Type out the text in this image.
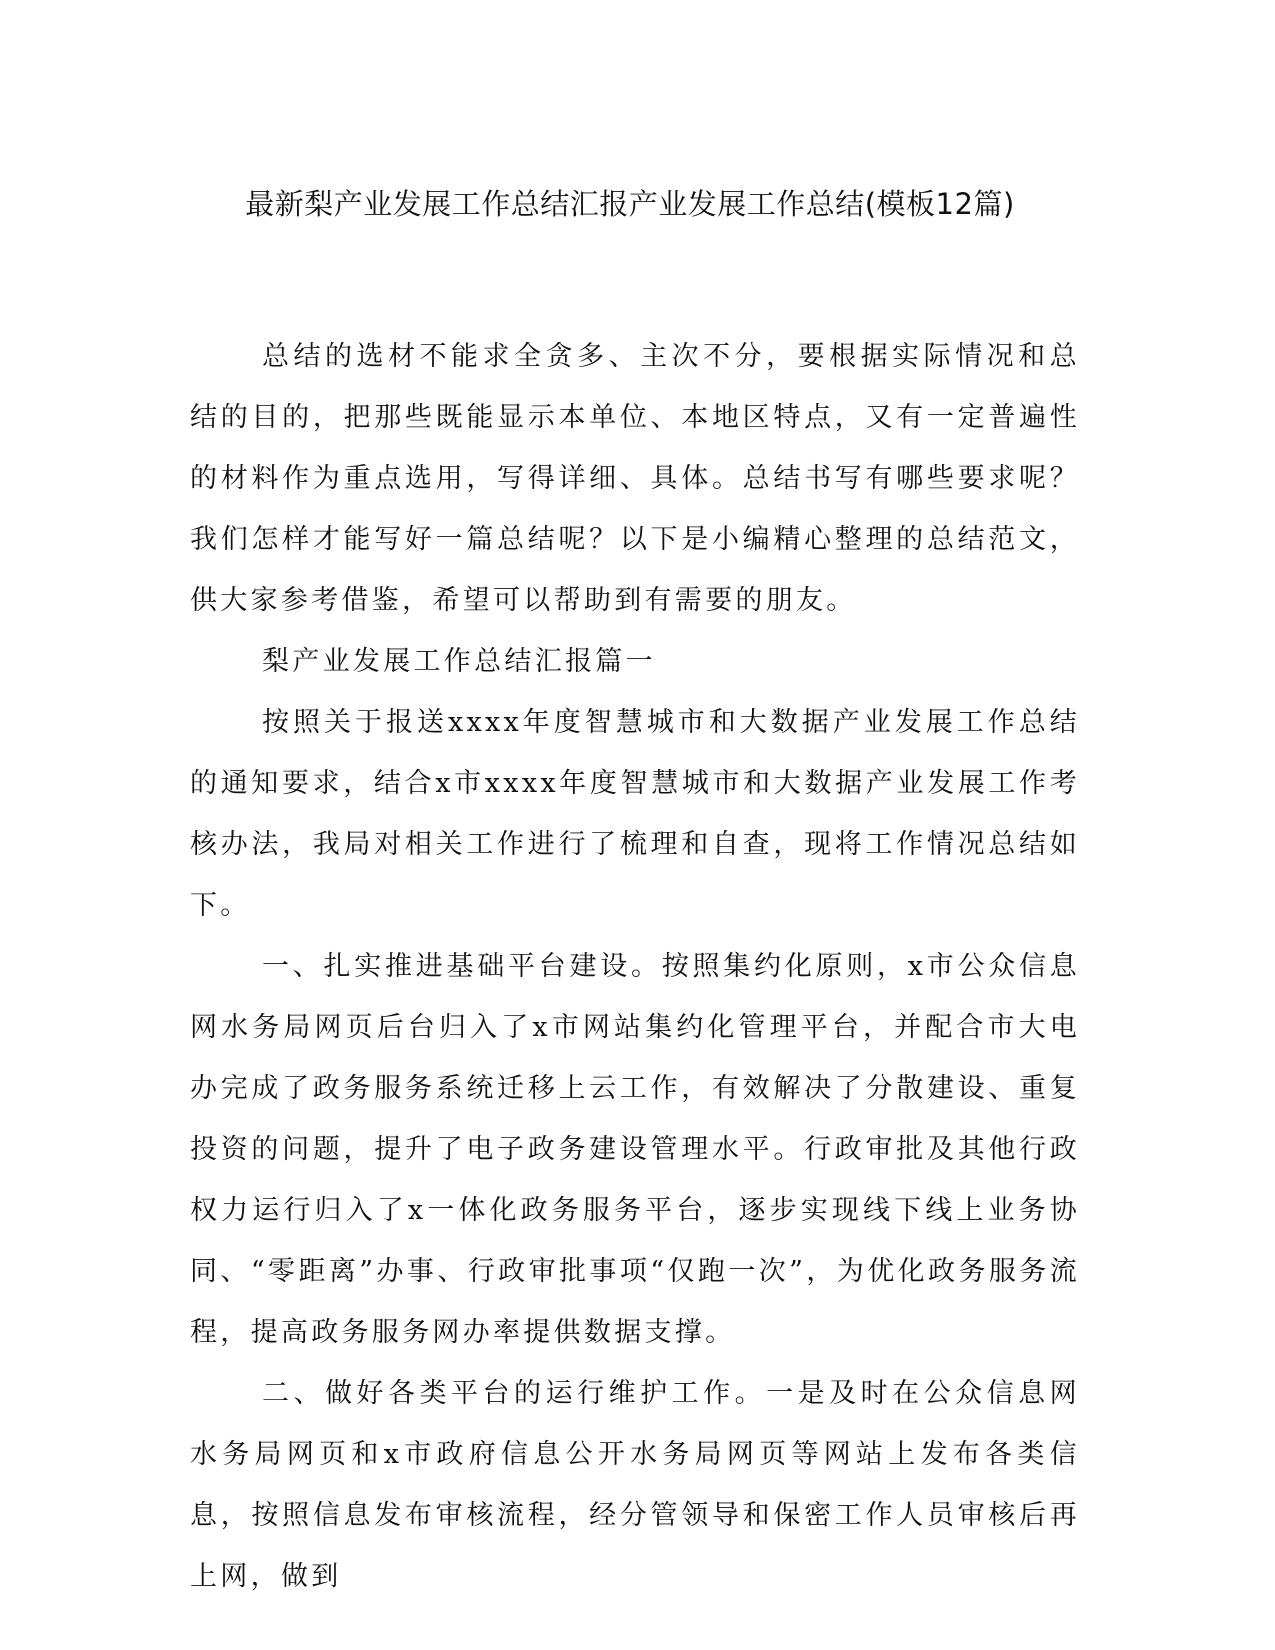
最新梨产业发展工作总结汇报产业发展工作总结(模板12篇)

总结的选材不能求全贪多、主次不分，要根据实际情况和总结的目的，把那些既能显示本单位、本地区特点，又有一定普遍性的材料作为重点选用，写得详细、具体。总结书写有哪些要求呢？我们怎样才能写好一篇总结呢？以下是小编精心整理的总结范文，供大家参考借鉴，希望可以帮助到有需要的朋友。

梨产业发展工作总结汇报篇一

按照关于报送xxxx年度智慧城市和大数据产业发展工作总结的通知要求，结合x市xxxx年度智慧城市和大数据产业发展工作考核办法，我局对相关工作进行了梳理和自查，现将工作情况总结如下。

一、扎实推进基础平台建设。按照集约化原则，x市公众信息网水务局网页后台归入了x市网站集约化管理平台，并配合市大电办完成了政务服务系统迁移上云工作，有效解决了分散建设、重复投资的问题，提升了电子政务建设管理水平。行政审批及其他行政权力运行归入了x一体化政务服务平台，逐步实现线下线上业务协同、“零距离”办事、行政审批事项“仅跑一次”，为优化政务服务流程，提高政务服务网办率提供数据支撑。

二、做好各类平台的运行维护工作。一是及时在公众信息网水务局网页和x市政府信息公开水务局网页等网站上发布各类信息，按照信息发布审核流程，经分管领导和保密工作人员审核后再上网，做到
